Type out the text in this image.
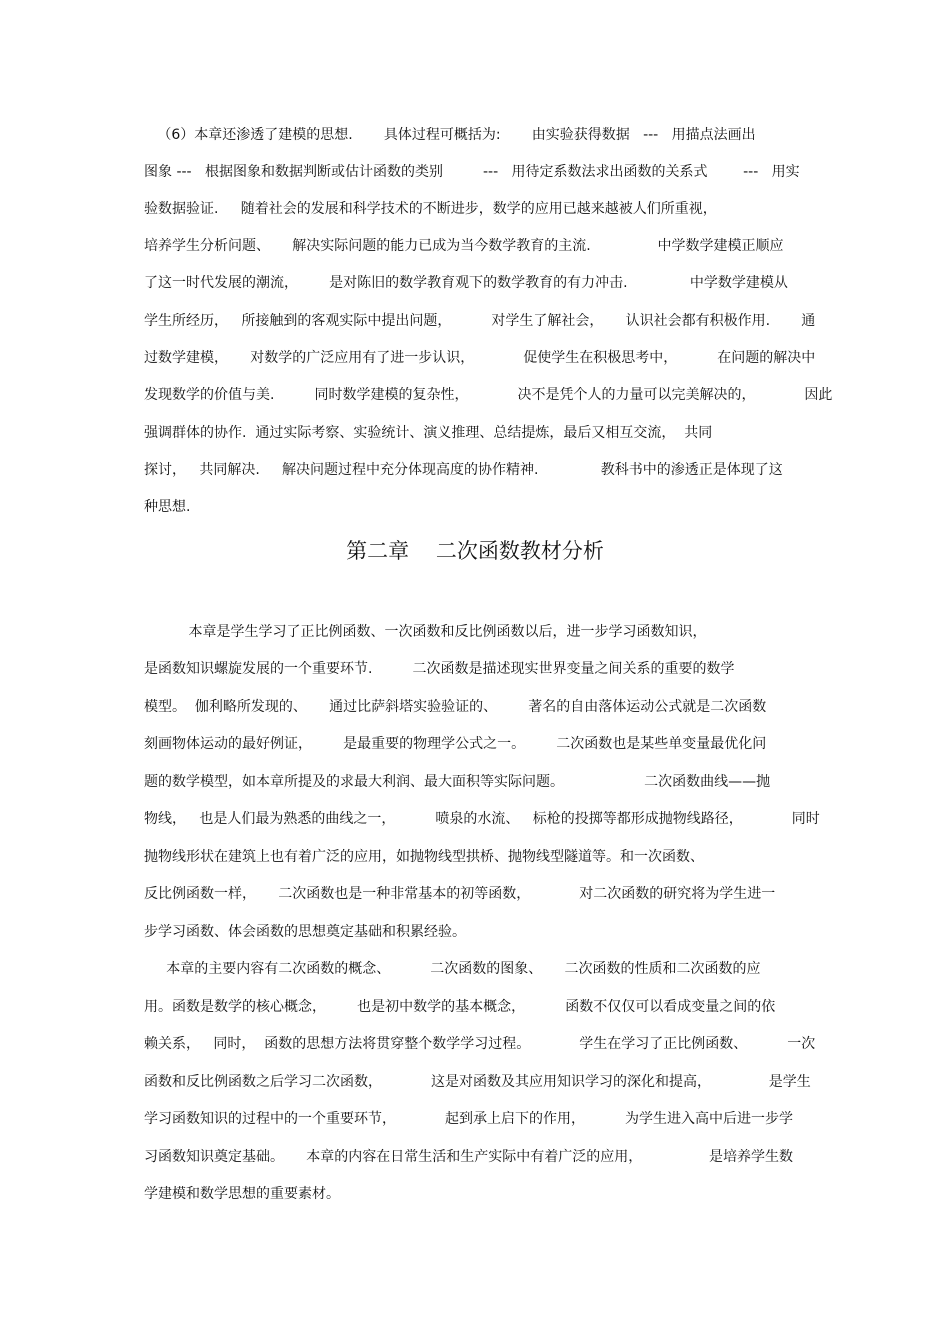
（6）本章还渗透了建模的思想.       具体过程可概括为:       由实验获得数据   ---   用描点法画出
图象 ---   根据图象和数据判断或估计函数的类别         ---   用待定系数法求出函数的关系式        ---   用实
验数据验证.     随着社会的发展和科学技术的不断进步，数学的应用已越来越被人们所重视，
培养学生分析问题、     解决实际问题的能力已成为当今数学教育的主流.               中学数学建模正顺应
了这一时代发展的潮流，       是对陈旧的数学教育观下的数学教育的有力冲击.              中学数学建模从
学生所经历，   所接触到的客观实际中提出问题，         对学生了解社会，     认识社会都有积极作用.       通
过数学建模，     对数学的广泛应用有了进一步认识，           促使学生在积极思考中，         在问题的解决中
发现数学的价值与美.         同时数学建模的复杂性，           决不是凭个人的力量可以完美解决的，           因此
强调群体的协作.  通过实际考察、实验统计、演义推理、总结提炼，最后又相互交流，  共同
探讨，   共同解决.     解决问题过程中充分体现高度的协作精神.              教科书中的渗透正是体现了这
种思想.
第二章    二次函数教材分析
本章是学生学习了正比例函数、一次函数和反比例函数以后，进一步学习函数知识，
是函数知识螺旋发展的一个重要环节.         二次函数是描述现实世界变量之间关系的重要的数学
模型。  伽利略所发现的、     通过比萨斜塔实验验证的、       著名的自由落体运动公式就是二次函数
刻画物体运动的最好例证，       是最重要的物理学公式之一。       二次函数也是某些单变量最优化问
题的数学模型，如本章所提及的求最大利润、最大面积等实际问题。                  二次函数曲线——抛
物线，   也是人们最为熟悉的曲线之一，         喷泉的水流、   标枪的投掷等都形成抛物线路径，           同时
抛物线形状在建筑上也有着广泛的应用，如抛物线型拱桥、抛物线型隧道等。和一次函数、
反比例函数一样，     二次函数也是一种非常基本的初等函数，           对二次函数的研究将为学生进一
步学习函数、体会函数的思想奠定基础和积累经验。
本章的主要内容有二次函数的概念、         二次函数的图象、     二次函数的性质和二次函数的应
用。函数是数学的核心概念，       也是初中数学的基本概念，         函数不仅仅可以看成变量之间的依
赖关系，   同时，  函数的思想方法将贯穿整个数学学习过程。           学生在学习了正比例函数、         一次
函数和反比例函数之后学习二次函数，           这是对函数及其应用知识学习的深化和提高，             是学生
学习函数知识的过程中的一个重要环节，           起到承上启下的作用，         为学生进入高中后进一步学
习函数知识奠定基础。     本章的内容在日常生活和生产实际中有着广泛的应用，               是培养学生数
学建模和数学思想的重要素材。
